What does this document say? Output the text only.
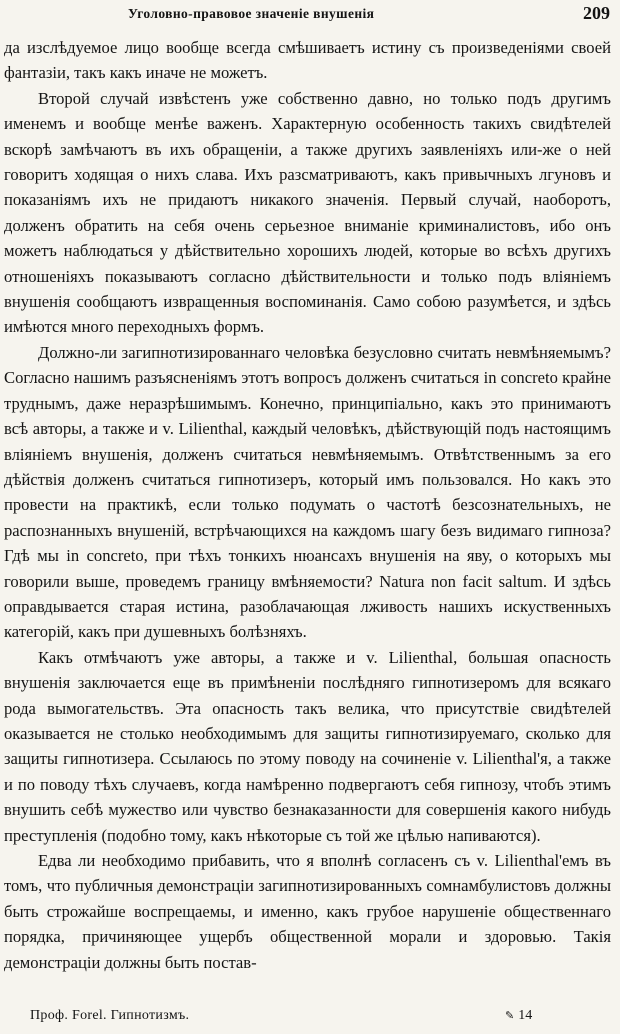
Уголовно-правовое значеніе внушенія	209

да изслѣдуемое лицо вообще всегда смѣшиваетъ истину съ произведеніями своей фантазіи, такъ какъ иначе не можетъ.

Второй случай извѣстенъ уже собственно давно, но только подъ другимъ именемъ и вообще менѣе важенъ. Характерную особенность такихъ свидѣтелей вскорѣ замѣчаютъ въ ихъ обращеніи, а также другихъ заявленіяхъ или-же о ней говоритъ ходящая о нихъ слава. Ихъ разсматриваютъ, какъ привычныхъ лгуновъ и показаніямъ ихъ не придаютъ никакого значенія. Первый случай, наоборотъ, долженъ обратить на себя очень серьезное вниманіе криминалистовъ, ибо онъ можетъ наблюдаться у дѣйствительно хорошихъ людей, которые во всѣхъ другихъ отношеніяхъ показываютъ согласно дѣйствительности и только подъ вліяніемъ внушенія сообщаютъ извращенныя воспоминанія. Само собою разумѣется, и здѣсь имѣются много переходныхъ формъ.

Должно-ли загипнотизированнаго человѣка безусловно считать невмѣняемымъ? Согласно нашимъ разъясненіямъ этотъ вопросъ долженъ считаться in concreto крайне труднымъ, даже неразрѣшимымъ. Конечно, принципіально, какъ это принимаютъ всѣ авторы, а также и v. Lilienthal, каждый человѣкъ, дѣйствующій подъ настоящимъ вліяніемъ внушенія, долженъ считаться невмѣняемымъ. Отвѣтственнымъ за его дѣйствія долженъ считаться гипнотизеръ, который имъ пользовался. Но какъ это провести на практикѣ, если только подумать о частотѣ безсознательныхъ, не распознанныхъ внушеній, встрѣчающихся на каждомъ шагу безъ видимаго гипноза? Гдѣ мы in concreto, при тѣхъ тонкихъ нюансахъ внушенія на яву, о которыхъ мы говорили выше, проведемъ границу вмѣняемости? Natura non facit saltum. И здѣсь оправдывается старая истина, разоблачающая лживость нашихъ искуственныхъ категорій, какъ при душевныхъ болѣзняхъ.

Какъ отмѣчаютъ уже авторы, а также и v. Lilienthal, большая опасность внушенія заключается еще въ примѣненіи послѣдняго гипнотизеромъ для всякаго рода вымогательствъ. Эта опасность такъ велика, что присутствіе свидѣтелей оказывается не столько необходимымъ для защиты гипнотизируемаго, сколько для защиты гипнотизера. Ссылаюсь по этому поводу на сочиненіе v. Lilienthal'я, а также и по поводу тѣхъ случаевъ, когда намѣренно подвергаютъ себя гипнозу, чтобъ этимъ внушить себѣ мужество или чувство безнаказанности для совершенія какого нибудь преступленія (подобно тому, какъ нѣкоторые съ той же цѣлью напиваются).

Едва ли необходимо прибавить, что я вполнѣ согласенъ съ v. Lilienthal'емъ въ томъ, что публичныя демонстраціи загипнотизированныхъ сомнамбулистовъ должны быть строжайше воспрещаемы, и именно, какъ грубое нарушеніе общественнаго порядка, причиняющее ущербъ общественной морали и здоровью. Такія демонстраціи должны быть постав-

Проф. Forel. Гипнотизмъ.	✎ 14
